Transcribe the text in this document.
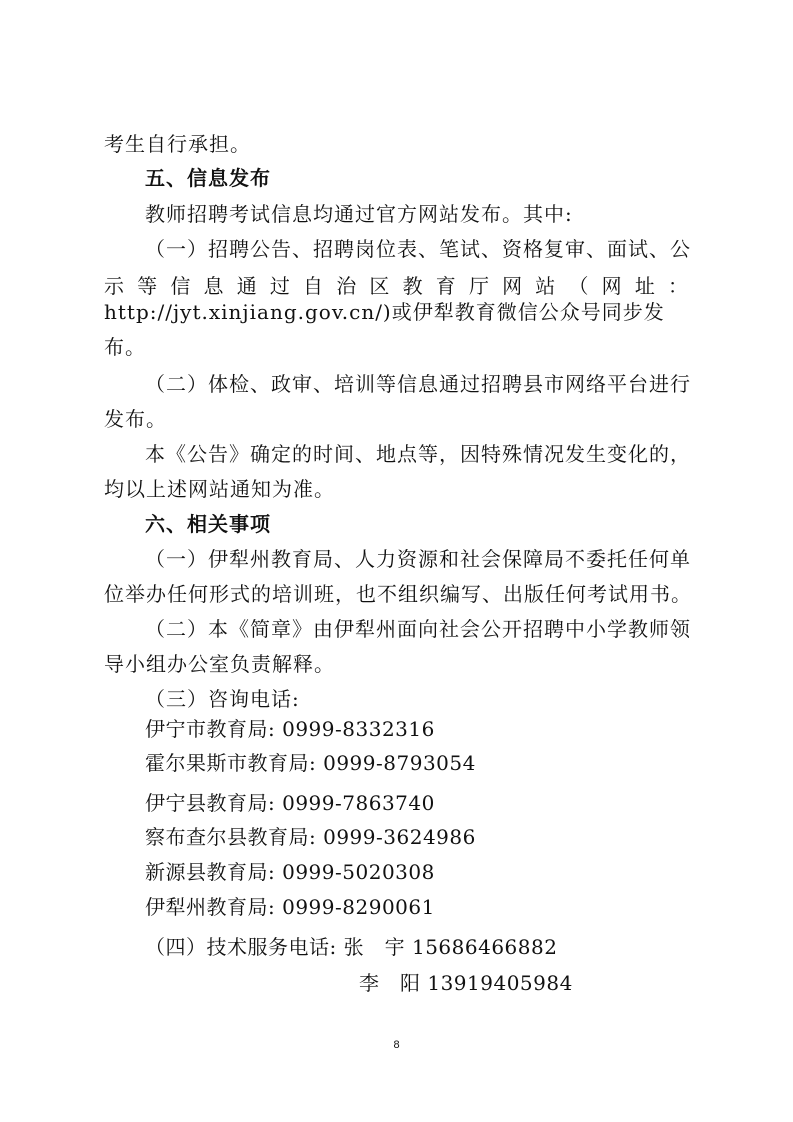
考生自行承担。
五、信息发布
教师招聘考试信息均通过官方网站发布。其中:
（一）招聘公告、招聘岗位表、笔试、资格复审、面试、公
示等信息通过自治区教育厅网站（网址：
http://jyt.xinjiang.gov.cn/)或伊犁教育微信公众号同步发
布。
（二）体检、政审、培训等信息通过招聘县市网络平台进行
发布。
本《公告》确定的时间、地点等，因特殊情况发生变化的，
均以上述网站通知为准。
六、相关事项
（一）伊犁州教育局、人力资源和社会保障局不委托任何单
位举办任何形式的培训班，也不组织编写、出版任何考试用书。
（二）本《简章》由伊犁州面向社会公开招聘中小学教师领
导小组办公室负责解释。
（三）咨询电话:
伊宁市教育局: 0999-8332316
霍尔果斯市教育局: 0999-8793054
伊宁县教育局: 0999-7863740
察布查尔县教育局: 0999-3624986
新源县教育局: 0999-5020308
伊犁州教育局: 0999-8290061
（四）技术服务电话: 张　宇 15686466882
李　阳 13919405984
8
